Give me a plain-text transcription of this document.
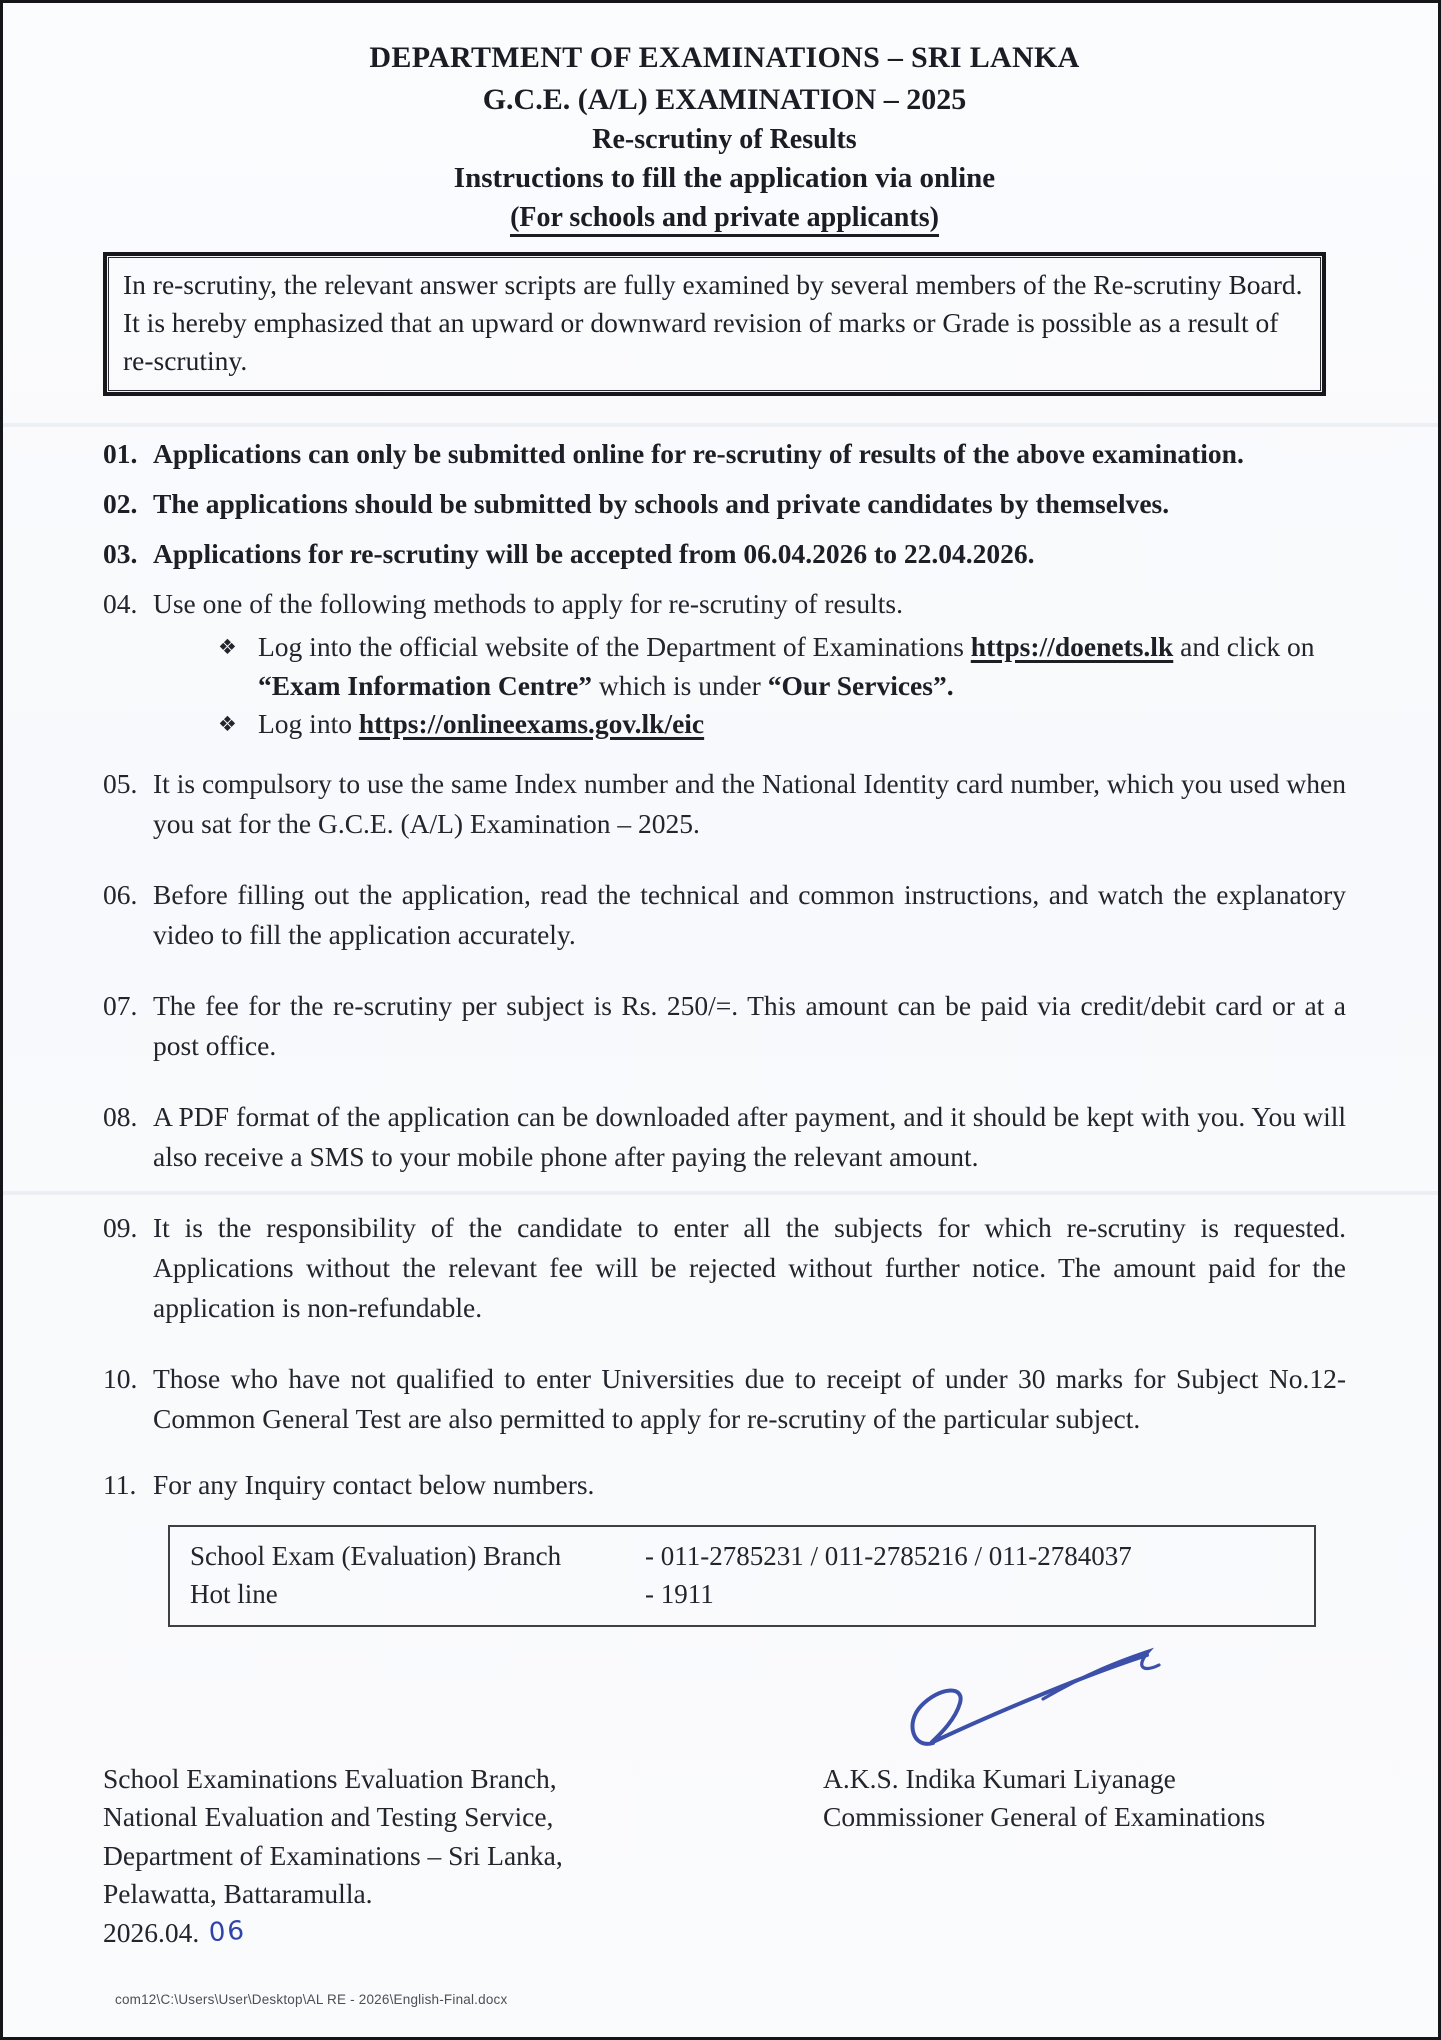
DEPARTMENT OF EXAMINATIONS – SRI LANKA
G.C.E. (A/L) EXAMINATION – 2025
Re-scrutiny of Results
Instructions to fill the application via online
(For schools and private applicants)
In re-scrutiny, the relevant answer scripts are fully examined by several members of the Re-scrutiny Board. It is hereby emphasized that an upward or downward revision of marks or Grade is possible as a result of re-scrutiny.
01. Applications can only be submitted online for re-scrutiny of results of the above examination.
02. The applications should be submitted by schools and private candidates by themselves.
03. Applications for re-scrutiny will be accepted from 06.04.2026 to 22.04.2026.
04. Use one of the following methods to apply for re-scrutiny of results.
❖ Log into the official website of the Department of Examinations https://doenets.lk and click on “Exam Information Centre” which is under “Our Services”.
❖ Log into https://onlineexams.gov.lk/eic
05. It is compulsory to use the same Index number and the National Identity card number, which you used when you sat for the G.C.E. (A/L) Examination – 2025.
06. Before filling out the application, read the technical and common instructions, and watch the explanatory video to fill the application accurately.
07. The fee for the re-scrutiny per subject is Rs. 250/=. This amount can be paid via credit/debit card or at a post office.
08. A PDF format of the application can be downloaded after payment, and it should be kept with you. You will also receive a SMS to your mobile phone after paying the relevant amount.
09. It is the responsibility of the candidate to enter all the subjects for which re-scrutiny is requested. Applications without the relevant fee will be rejected without further notice. The amount paid for the application is non-refundable.
10. Those who have not qualified to enter Universities due to receipt of under 30 marks for Subject No.12-Common General Test are also permitted to apply for re-scrutiny of the particular subject.
11. For any Inquiry contact below numbers.
School Exam (Evaluation) Branch	- 011-2785231 / 011-2785216 / 011-2784037
Hot line	- 1911
School Examinations Evaluation Branch,
National Evaluation and Testing Service,
Department of Examinations – Sri Lanka,
Pelawatta, Battaramulla.
2026.04. 06
A.K.S. Indika Kumari Liyanage
Commissioner General of Examinations
com12\C:\Users\User\Desktop\AL RE - 2026\English-Final.docx
